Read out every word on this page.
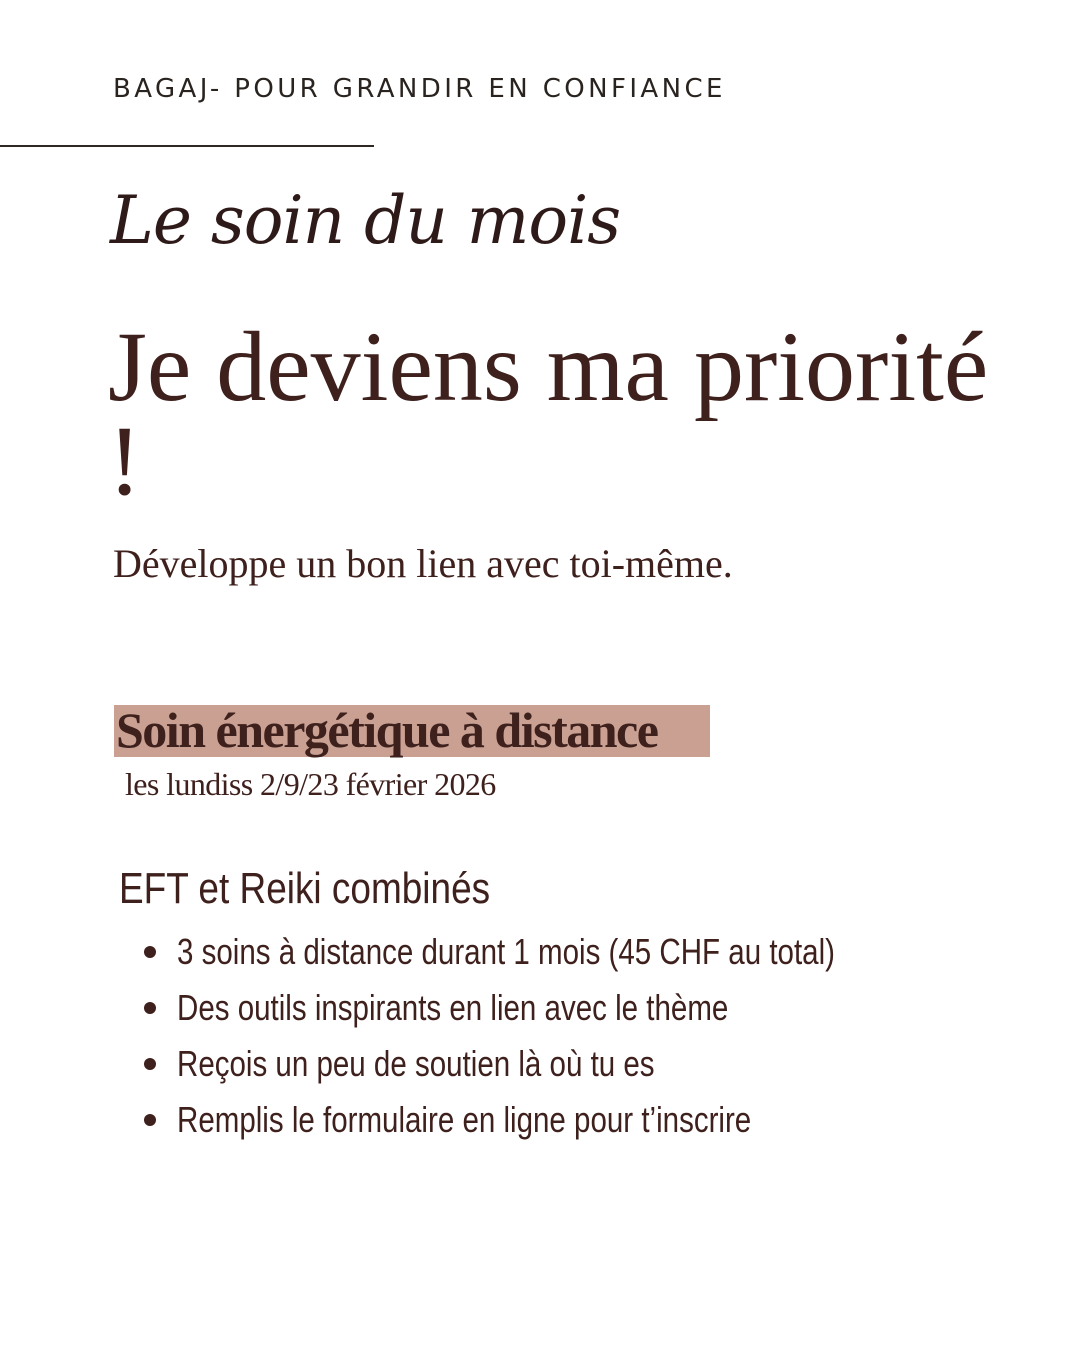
BAGAJ- POUR GRANDIR EN CONFIANCE
Le soin du mois
Je deviens ma priorité !
Développe un bon lien avec toi-même.
Soin énergétique à distance
les lundiss 2/9/23 février 2026
EFT et Reiki combinés
3 soins à distance durant 1 mois (45 CHF au total)
Des outils inspirants en lien avec le thème
Reçois un peu de soutien là où tu es
Remplis le formulaire en ligne pour t’inscrire
